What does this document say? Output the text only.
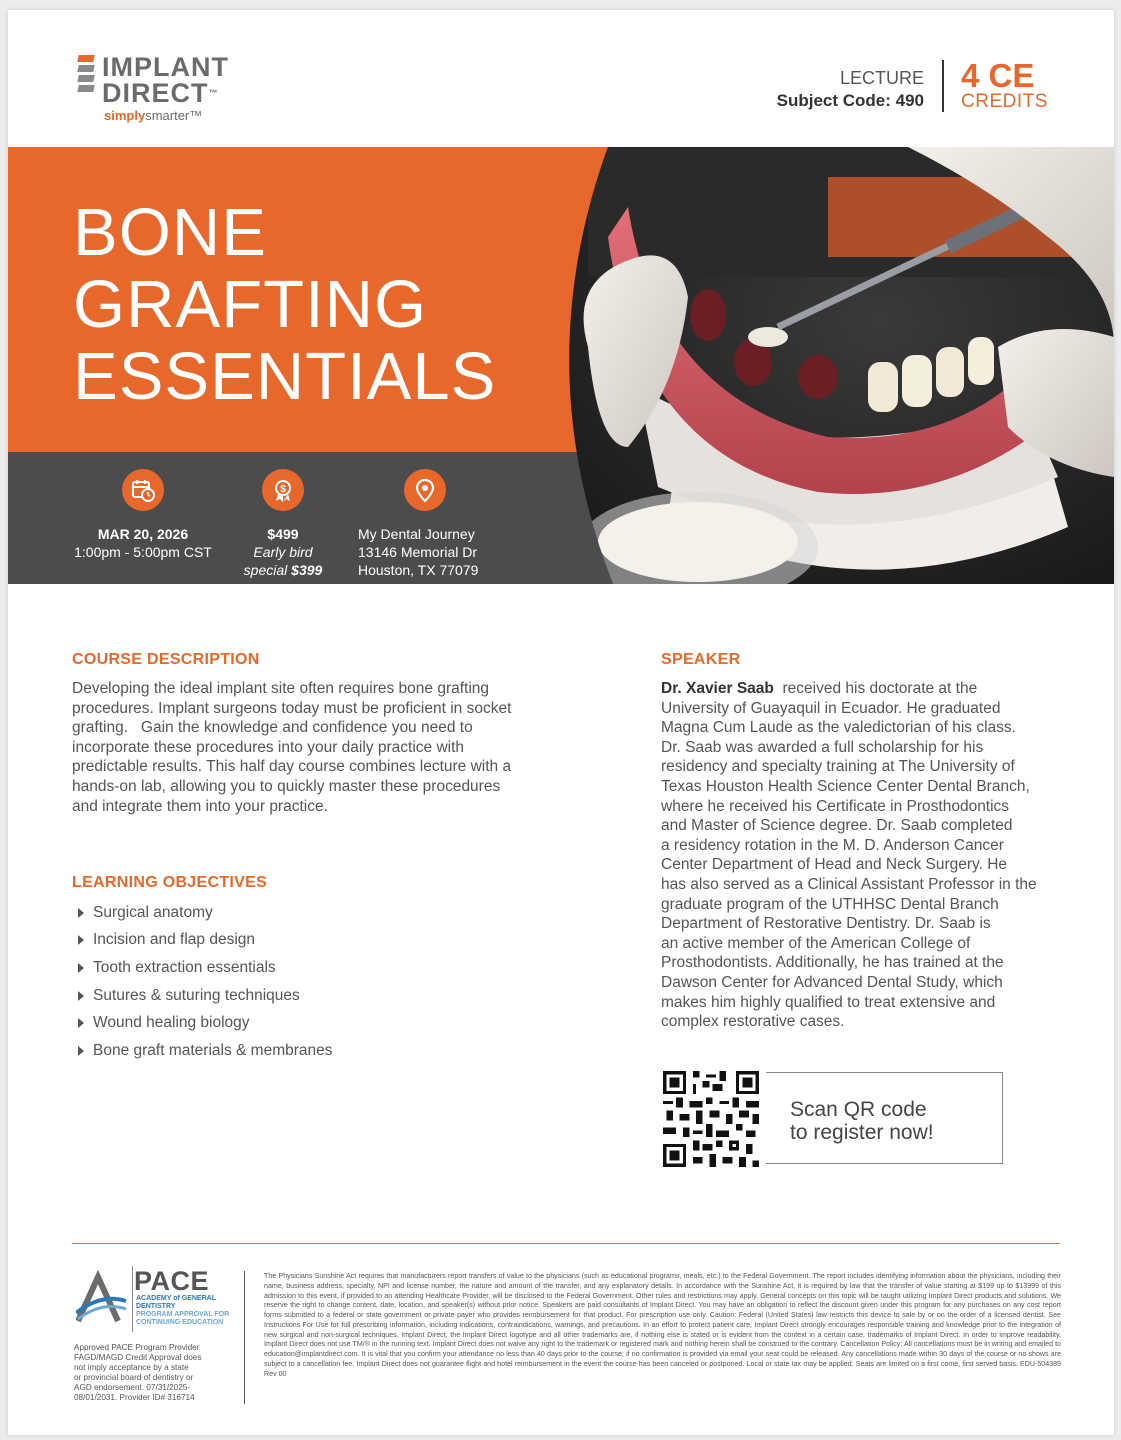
IMPLANT
DIRECT™
simplysmarter™
LECTURE
Subject Code: 490
4 CE
CREDITS
BONE
GRAFTING
ESSENTIALS
MAR 20, 2026
1:00pm - 5:00pm CST
$
$499
Early bird
special $399
My Dental Journey
13146 Memorial Dr
Houston, TX 77079
COURSE DESCRIPTION
Developing the ideal implant site often requires bone grafting
procedures. Implant surgeons today must be proficient in socket
grafting.   Gain the knowledge and confidence you need to
incorporate these procedures into your daily practice with
predictable results. This half day course combines lecture with a
hands-on lab, allowing you to quickly master these procedures
and integrate them into your practice.
LEARNING OBJECTIVES
Surgical anatomy
Incision and flap design
Tooth extraction essentials
Sutures & suturing techniques
Wound healing biology
Bone graft materials & membranes
SPEAKER
Dr. Xavier Saab  received his doctorate at the
University of Guayaquil in Ecuador. He graduated
Magna Cum Laude as the valedictorian of his class.
Dr. Saab was awarded a full scholarship for his
residency and specialty training at The University of
Texas Houston Health Science Center Dental Branch,
where he received his Certificate in Prosthodontics
and Master of Science degree. Dr. Saab completed
a residency rotation in the M. D. Anderson Cancer
Center Department of Head and Neck Surgery. He
has also served as a Clinical Assistant Professor in the
graduate program of the UTHHSC Dental Branch
Department of Restorative Dentistry. Dr. Saab is
an active member of the American College of
Prosthodontists. Additionally, he has trained at the
Dawson Center for Advanced Dental Study, which
makes him highly qualified to treat extensive and
complex restorative cases.
Scan QR code
to register now!
PACE
ACADEMY of GENERAL DENTISTRY
PROGRAM APPROVAL FOR CONTINUING EDUCATION
Approved PACE Program Provider
FAGD/MAGD Credit Approval does
not imply acceptance by a state
or provincial board of dentistry or
AGD endorsement. 07/31/2025-
08/01/2031. Provider ID# 316714
The Physicians Sunshine Act requires that manufacturers report transfers of value to the physicians (such as educational programs, meals, etc.) to the Federal Government. The report includes identifying information about the physicians, including their name, business address, specialty, NPI and license number, the nature and amount of the transfer, and any explanatory details. In accordance with the Sunshine Act, it is required by law that the transfer of value starting at $199 up to $13999 of this admission to this event, if provided to an attending Healthcare Provider, will be disclosed to the Federal Government. Other rules and restrictions may apply. General concepts on this topic will be taught utilizing Implant Direct products and solutions. We reserve the right to change content, date, location, and speaker(s) without prior notice. Speakers are paid consultants of Implant Direct. You may have an obligation to reflect the discount given under this program for any purchases on any cost report forms submitted to a federal or state government or private payer who provides reimbursement for that product. For prescription use only. Caution: Federal (United States) law restricts this device to sale by or on the order of a licensed dentist. See Instructions For Use for full prescribing information, including indications, contraindications, warnings, and precautions. In an effort to protect patient care, Implant Direct strongly encourages responsible training and knowledge prior to the integration of new surgical and non-surgical techniques. Implant Direct, the Implant Direct logotype and all other trademarks are, if nothing else is stated or is evident from the context in a certain case, trademarks of Implant Direct. In order to improve readability, Implant Direct does not use TM/® in the running text. Implant Direct does not waive any right to the trademark or registered mark and nothing herein shall be construed to the contrary. Cancellation Policy: All cancellations must be in writing and emailed to education@implantdirect.com. It is vital that you confirm your attendance no less than 40 days prior to the course; if no confirmation is provided via email your seat could be released. Any cancellations made within 30 days of the course or no shows are subject to a cancellation fee. Implant Direct does not guarantee flight and hotel reimbursement in the event the course has been canceled or postponed. Local or state tax may be applied. Seats are limited on a first come, first served basis. EDU-504389 Rev 00
